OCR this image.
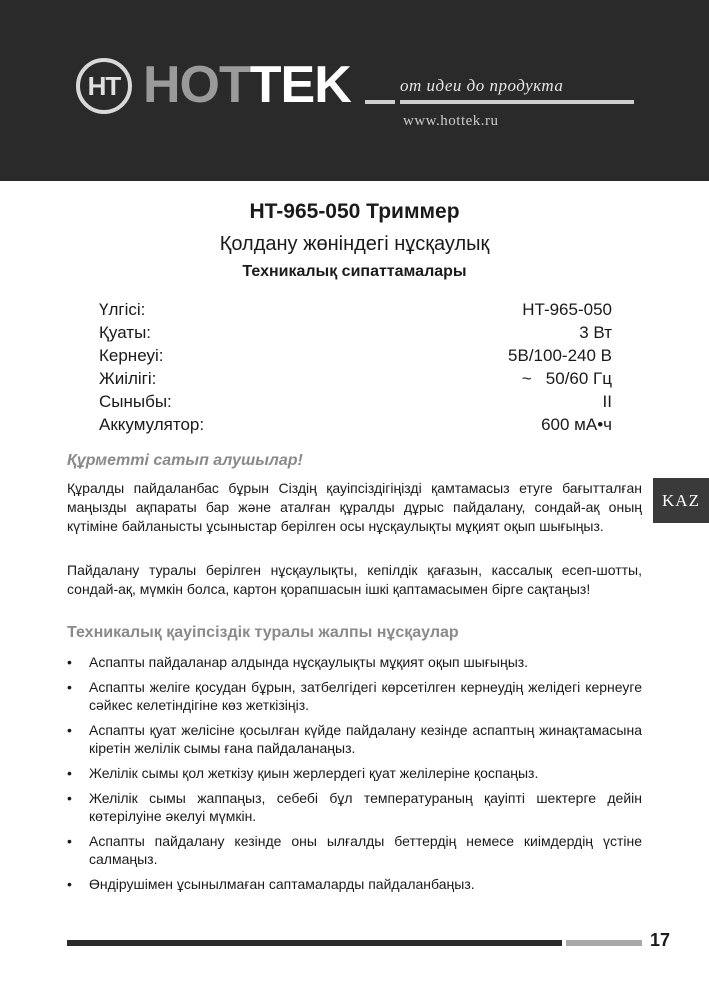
HT HOTTEK	от идеи до продукта
www.hottek.ru
HT-965-050 Триммер
Қолдану жөніндегі нұсқаулық
Техникалық сипаттамалары
Үлгісі:	HT-965-050
Қуаты:	3 Вт
Кернеуі:	5В/100-240 В
Жиілігі:	~   50/60 Гц
Сыныбы:	II
Аккумулятор:	600 мА•ч
KAZ
Құрметті сатып алушылар!

Құралды пайдаланбас бұрын Сіздің қауіпсіздігіңізді қамтамасыз етуге бағытталған маңызды ақпараты бар және аталған құралды дұрыс пайдалану, сондай-ақ оның күтіміне байланысты ұсыныстар берілген осы нұсқаулықты мұқият оқып шығыңыз.

Пайдалану туралы берілген нұсқаулықты, кепілдік қағазын, кассалық есеп-шотты, сондай-ақ, мүмкін болса, картон қорапшасын ішкі қаптамасымен бірге сақтаңыз!

Техникалық қауіпсіздік туралы жалпы нұсқаулар
• Аспапты пайдаланар алдында нұсқаулықты мұқият оқып шығыңыз.
• Аспапты желіге қосудан бұрын, затбелгідегі көрсетілген кернеудің желідегі кернеуге сәйкес келетіндігіне көз жеткізіңіз.
• Аспапты қуат желісіне қосылған күйде пайдалану кезінде аспаптың жинақтамасына кіретін желілік сымы ғана пайдаланаңыз.
• Желілік сымы қол жеткізу қиын жерлердегі қуат желілеріне қоспаңыз.
• Желілік сымы жаппаңыз, себебі бұл температураның қауіпті шектерге дейін көтерілуіне әкелуі мүмкін.
• Аспапты пайдалану кезінде оны ылғалды беттердің немесе киімдердің үстіне салмаңыз.
• Өндірушімен ұсынылмаған саптамаларды пайдаланбаңыз.
17
